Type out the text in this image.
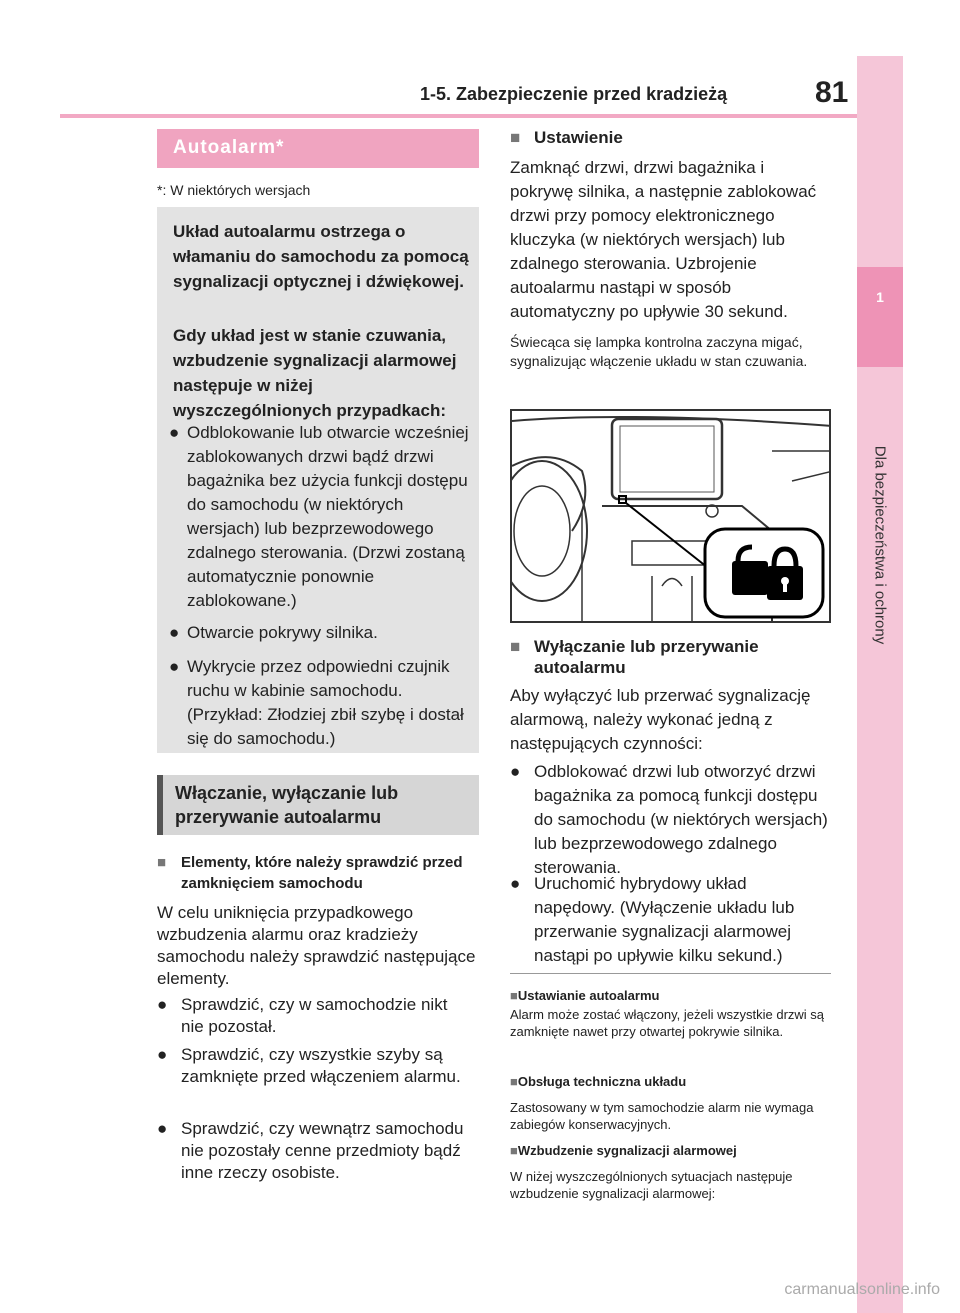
1-5. Zabezpieczenie przed kradzieżą	81
1
Dla bezpieczeństwa i ochrony
Autoalarm*
*: W niektórych wersjach
Układ autoalarmu ostrzega o włamaniu do samochodu za pomocą sygnalizacji optycznej i dźwiękowej.
Gdy układ jest w stanie czuwania, wzbudzenie sygnalizacji alarmowej następuje w niżej wyszczególnionych przypadkach:
● Odblokowanie lub otwarcie wcześniej zablokowanych drzwi bądź drzwi bagażnika bez użycia funkcji dostępu do samochodu (w niektórych wersjach) lub bezprzewodowego zdalnego sterowania. (Drzwi zostaną automatycznie ponownie zablokowane.)
● Otwarcie pokrywy silnika.
● Wykrycie przez odpowiedni czujnik ruchu w kabinie samochodu. (Przykład: Złodziej zbił szybę i dostał się do samochodu.)
Włączanie, wyłączanie lub przerywanie autoalarmu
■ Elementy, które należy sprawdzić przed zamknięciem samochodu
W celu uniknięcia przypadkowego wzbudzenia alarmu oraz kradzieży samochodu należy sprawdzić następujące elementy.
● Sprawdzić, czy w samochodzie nikt nie pozostał.
● Sprawdzić, czy wszystkie szyby są zamknięte przed włączeniem alarmu.
● Sprawdzić, czy wewnątrz samochodu nie pozostały cenne przedmioty bądź inne rzeczy osobiste.
■ Ustawienie
Zamknąć drzwi, drzwi bagażnika i pokrywę silnika, a następnie zablokować drzwi przy pomocy elektronicznego kluczyka (w niektórych wersjach) lub zdalnego sterowania. Uzbrojenie autoalarmu nastąpi w sposób automatyczny po upływie 30 sekund.
Świecąca się lampka kontrolna zaczyna migać, sygnalizując włączenie układu w stan czuwania.
■ Wyłączanie lub przerywanie autoalarmu
Aby wyłączyć lub przerwać sygnalizację alarmową, należy wykonać jedną z następujących czynności:
● Odblokować drzwi lub otworzyć drzwi bagażnika za pomocą funkcji dostępu do samochodu (w niektórych wersjach) lub bezprzewodowego zdalnego sterowania.
● Uruchomić hybrydowy układ napędowy. (Wyłączenie układu lub przerwanie sygnalizacji alarmowej nastąpi po upływie kilku sekund.)
■Ustawianie autoalarmu
Alarm może zostać włączony, jeżeli wszystkie drzwi są zamknięte nawet przy otwartej pokrywie silnika.
■Obsługa techniczna układu
Zastosowany w tym samochodzie alarm nie wymaga zabiegów konserwacyjnych.
■Wzbudzenie sygnalizacji alarmowej
W niżej wyszczególnionych sytuacjach następuje wzbudzenie sygnalizacji alarmowej:
carmanualsonline.info
